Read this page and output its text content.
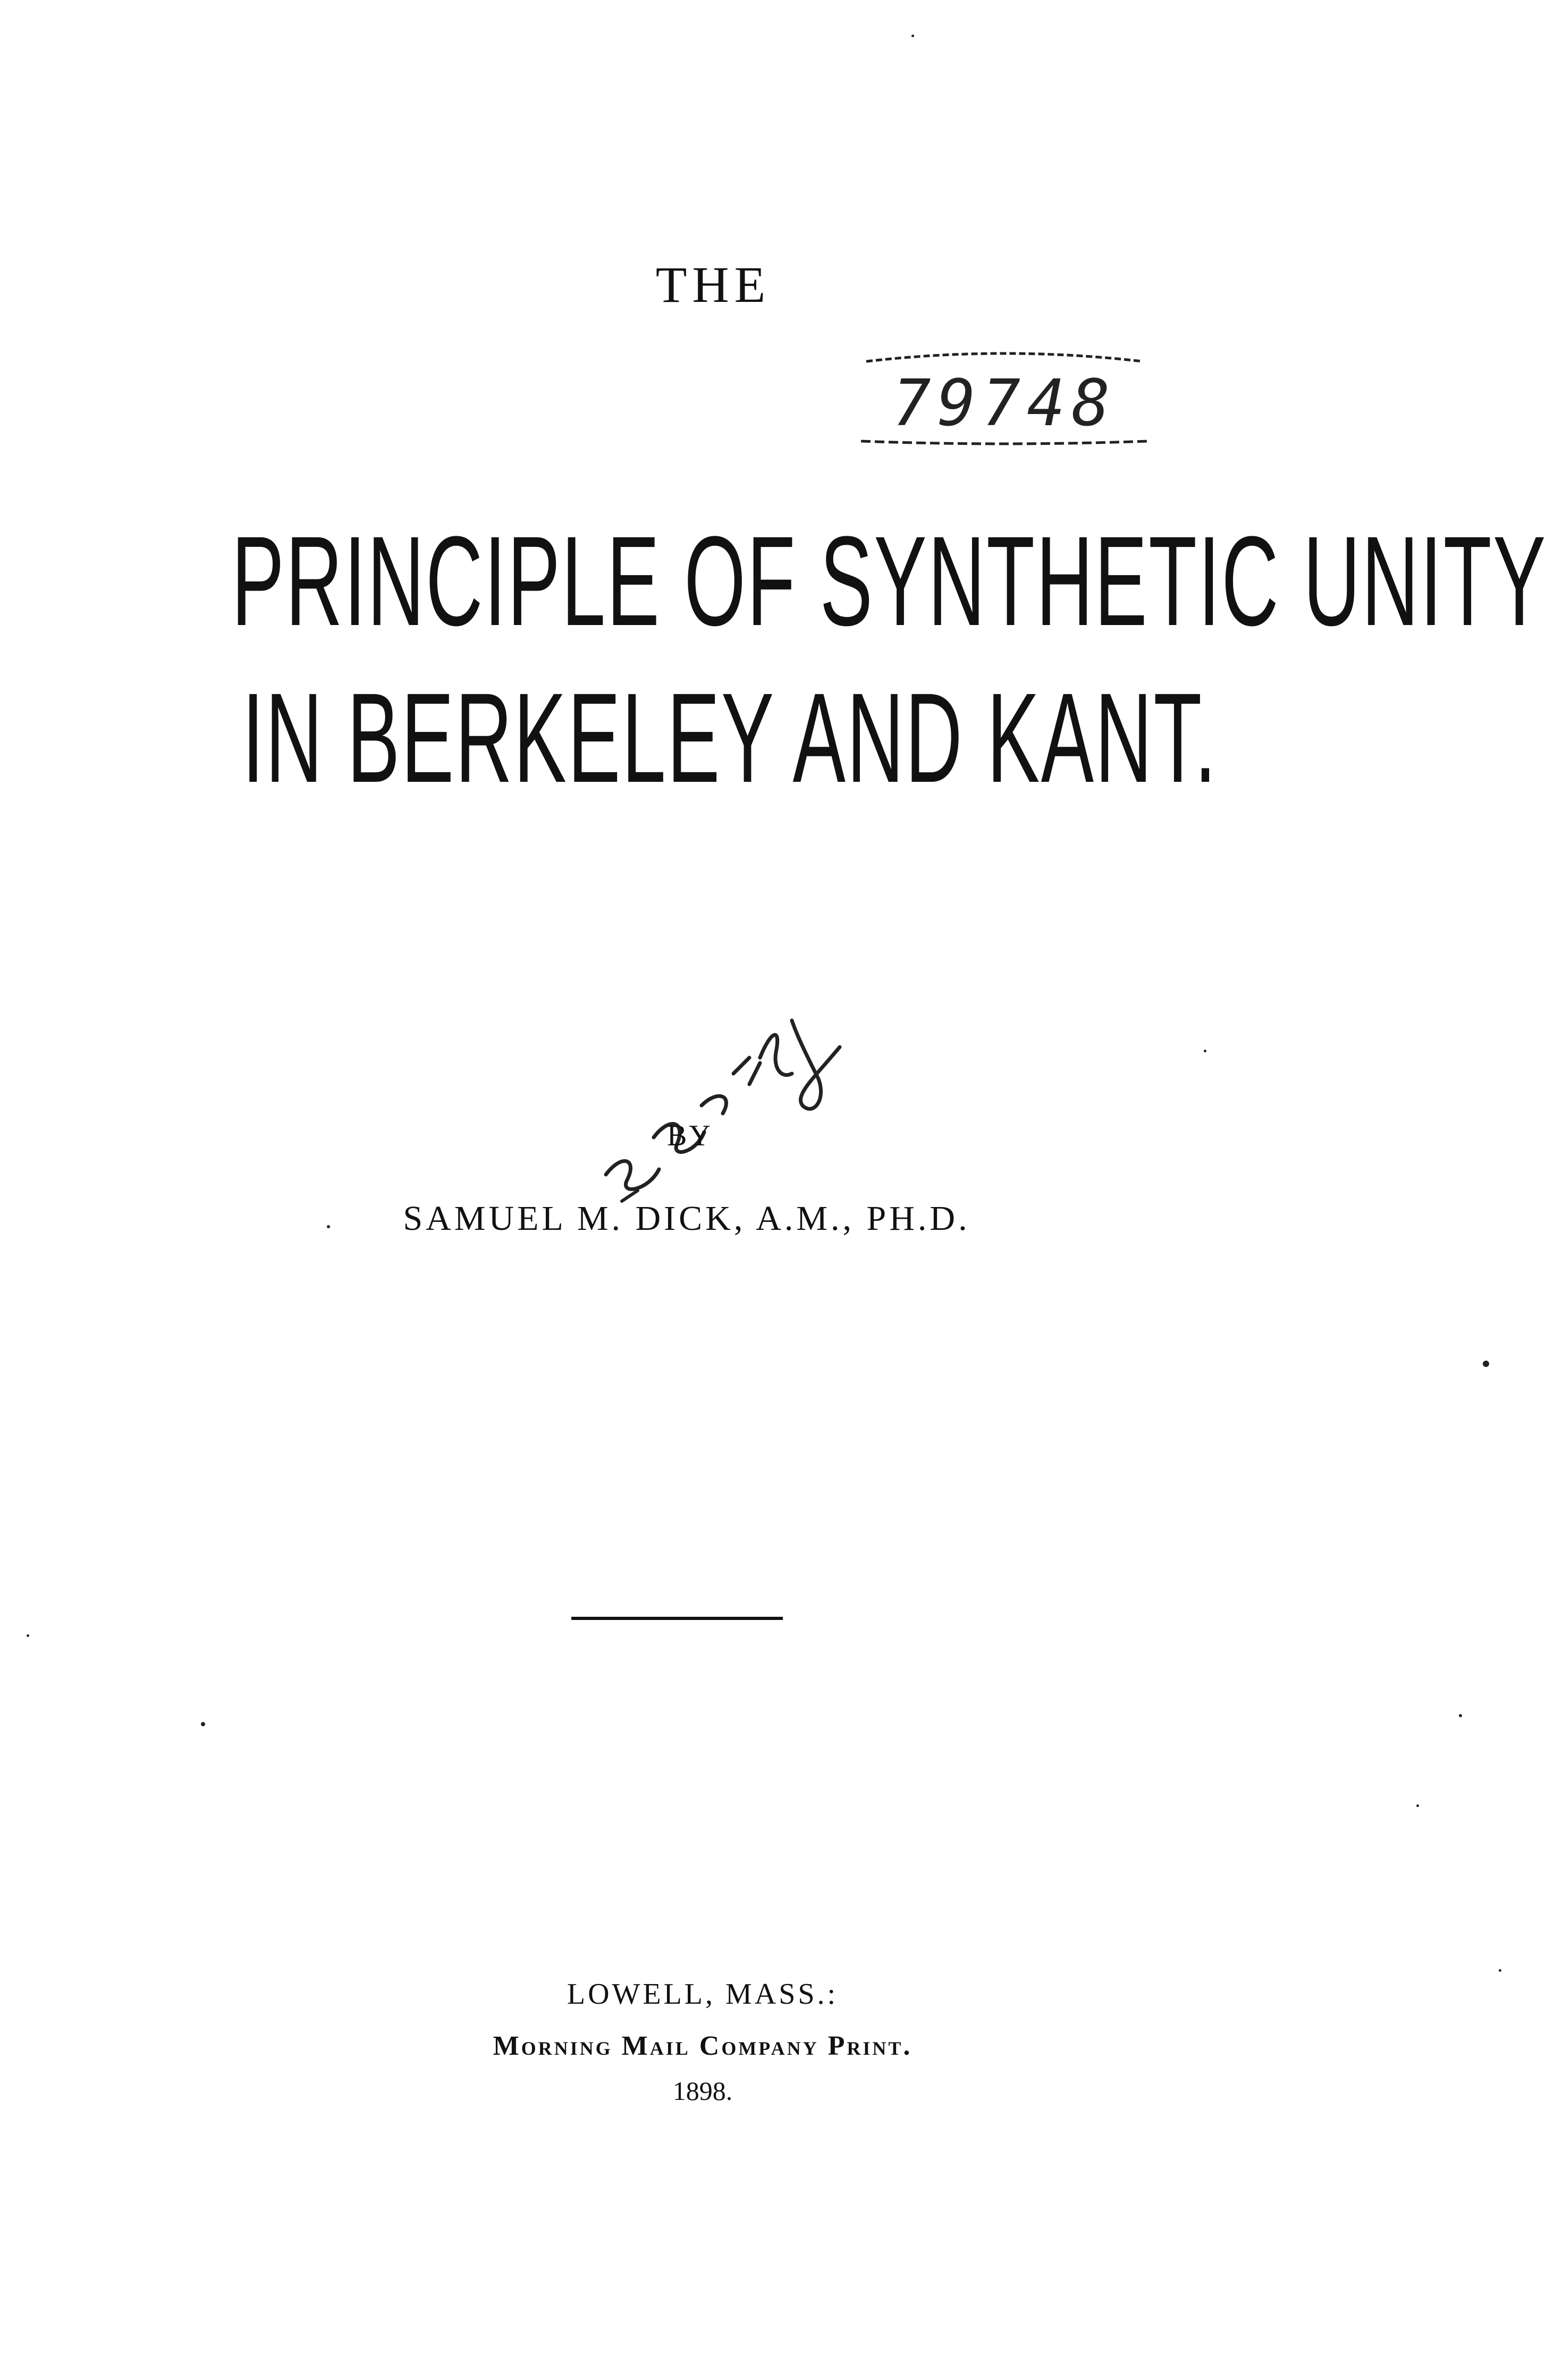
THE
79748
PRINCIPLE OF SYNTHETIC UNITY
IN BERKELEY AND KANT.
BY
SAMUEL M. DICK, A.M., PH.D.
LOWELL, MASS.:
Morning Mail Company Print.
1898.
